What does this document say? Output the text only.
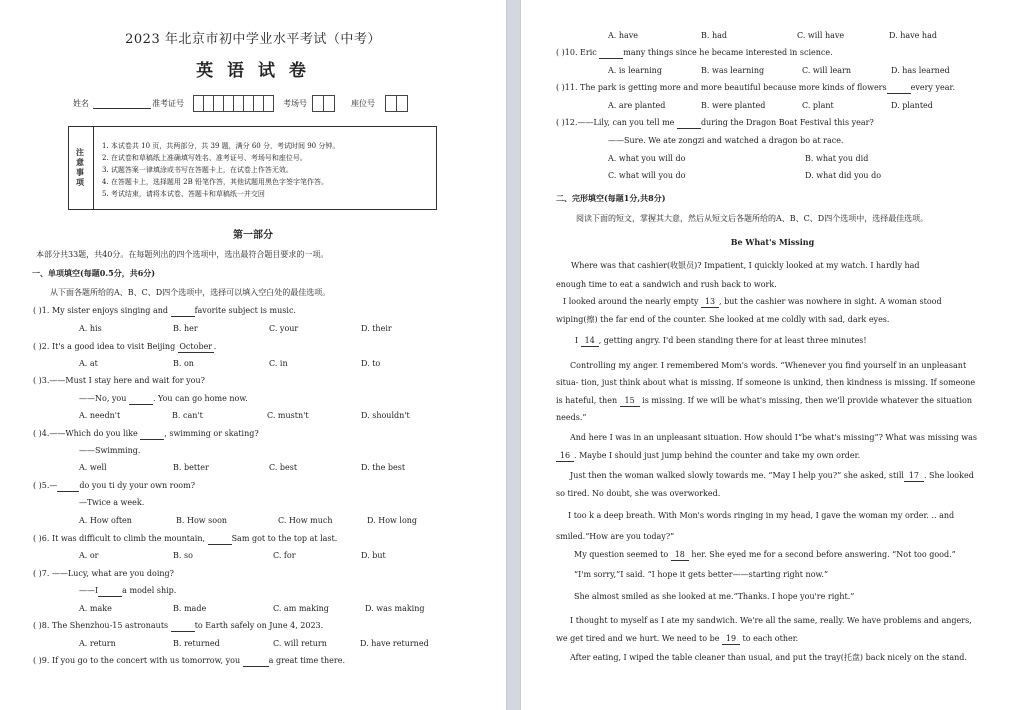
2023 年北京市初中学业水平考试（中考）
英 语 试 卷
姓名	准考证号	考场号	座位号
注
意
事
项
1. 本试卷共 10 页，共两部分，共 39 题，满分 60 分，考试时间 90 分钟。
2. 在试卷和草稿纸上准确填写姓名、准考证号、考场号和座位号。
3. 试题答案一律填涂或书写在答题卡上，在试卷上作答无效。
4. 在答题卡上，选择题用 2B 铅笔作答，其他试题用黑色字签字笔作答。
5. 考试结束，请将本试卷、答题卡和草稿纸一并交回
第一部分
本部分共33题，共40分。在每题列出的四个选项中，选出最符合题目要求的一项。
一、单项填空(每题0.5分，共6分)
从下面各题所给的A、B、C、D四个选项中，选择可以填入空白处的最佳选项。
( )1. My sister enjoys singing and	favorite subject is music.
A. his	B. her	C. your	D. their
( )2. It's a good idea to visit Beijing October .
A. at	B. on	C. in	D. to
( )3.——Must I stay here and wait for you?
——No, you	. You can go home now.
A. needn't	B. can't	C. mustn't	D. shouldn't
( )4.——Which do you like	, swimming or skating?
——Swimming.
A. well	B. better	C. best	D. the best
( )5.—	do you ti dy your own room?
—Twice a week.
A. How often	B. How soon	C. How much	D. How long
( )6. It was difficult to climb the mountain,	Sam got to the top at last.
A. or	B. so	C. for	D. but
( )7. ——Lucy, what are you doing?
——I	a model ship.
A. make	B. made	C. am making	D. was making
( )8. The Shenzhou-15 astronauts	to Earth safely on June 4, 2023.
A. return	B. returned	C. will return	D. have returned
( )9. If you go to the concert with us tomorrow, you	a great time there.
A. have	B. had	C. will have	D. have had
( )10. Eric	many things since he became interested in science.
A. is learning	B. was learning	C. will learn	D. has learned
( )11. The park is getting more and more beautiful because more kinds of flowers	every year.
A. are planted	B. were planted	C. plant	D. planted
( )12.——Lily, can you tell me	during the Dragon Boat Festival this year?
——Sure. We ate zongzi and watched a dragon bo at race.
A. what you will do	B. what you did
C. what will you do	D. what did you do
二、完形填空(每题1分,共8分)
阅读下面的短文，掌握其大意，然后从短文后各题所给的A、B、C、D四个选项中，选择最佳选项。
Be What's Missing
Where was that cashier(收银员)? Impatient, I quickly looked at my watch. I hardly had
enough time to eat a sandwich and rush back to work.
I looked around the nearly empty 13 , but the cashier was nowhere in sight. A woman stood
wiping(擦) the far end of the counter. She looked at me coldly with sad, dark eyes.
I 14 , getting angry. I'd been standing there for at least three minutes!
Controlling my anger. I remembered Mom's words. “Whenever you find yourself in an unpleasant
situa- tion, just think about what is missing. If someone is unkind, then kindness is missing. If someone
is hateful, then 15 is missing. If we will be what's missing, then we'll provide whatever the situation
needs.”
And here I was in an unpleasant situation. How should I“be what's missing”? What was missing was
16 . Maybe I should just jump behind the counter and take my own order.
Just then the woman walked slowly towards me. “May I help you?” she asked, still 17 . She looked
so tired. No doubt, she was overworked.
I too k a deep breath. With Mon's words ringing in my head, I gave the woman my order. .. and
smiled.“How are you today?”
My question seemed to 18 her. She eyed me for a second before answering. “Not too good.”
“I'm sorry,”I said. “I hope it gets better——starting right now.”
She almost smiled as she looked at me.“Thanks. I hope you're right.”
I thought to myself as I ate my sandwich. We're all the same, really. We have problems and angers,
we get tired and we hurt. We need to be 19 to each other.
After eating, I wiped the table cleaner than usual, and put the tray(托盘) back nicely on the stand.
